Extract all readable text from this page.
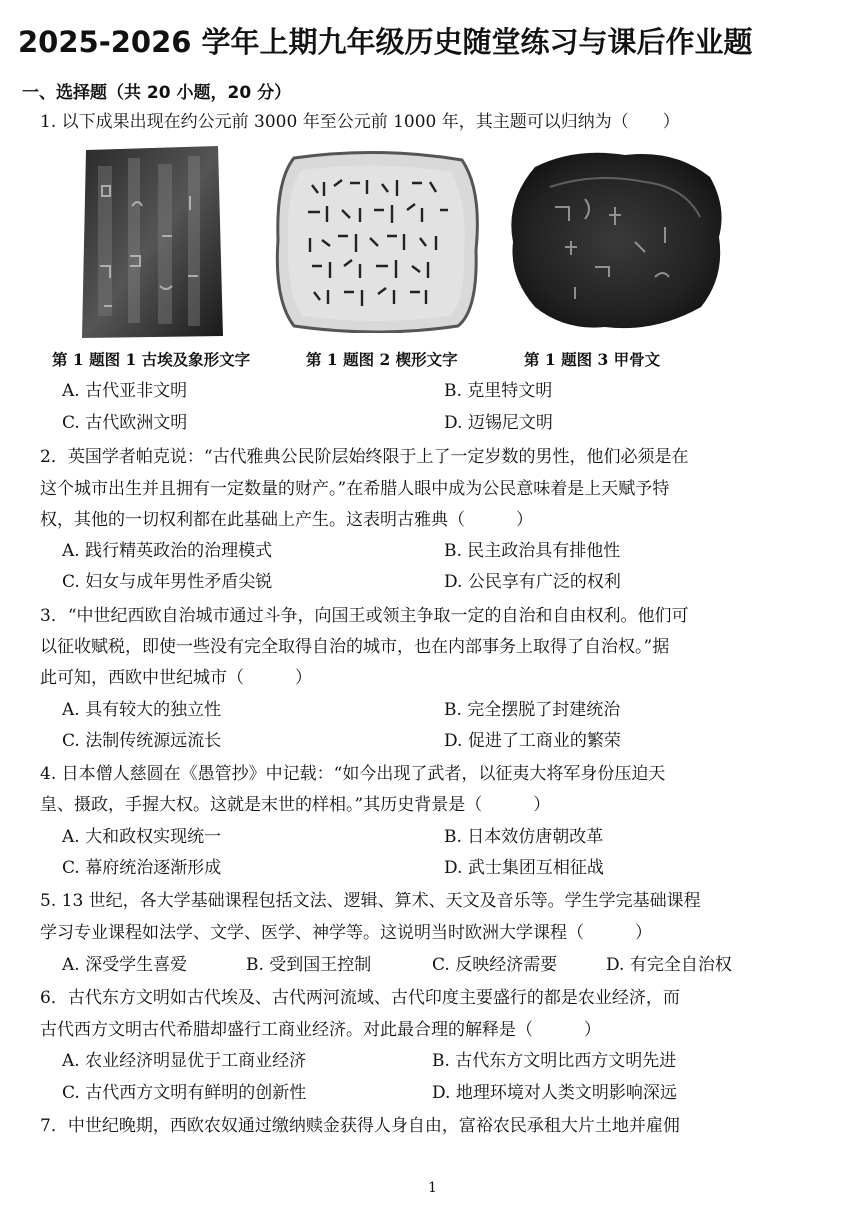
2025-2026 学年上期九年级历史随堂练习与课后作业题
一、选择题（共 20 小题，20 分）
1. 以下成果出现在约公元前 3000 年至公元前 1000 年，其主题可以归纳为（　　）
第 1 题图 1 古埃及象形文字	第 1 题图 2 楔形文字	第 1 题图 3 甲骨文
A. 古代亚非文明	B. 克里特文明
C. 古代欧洲文明	D. 迈锡尼文明
2．英国学者帕克说：“古代雅典公民阶层始终限于上了一定岁数的男性，他们必须是在
这个城市出生并且拥有一定数量的财产。”在希腊人眼中成为公民意味着是上天赋予特
权，其他的一切权利都在此基础上产生。这表明古雅典（　　　）
A. 践行精英政治的治理模式	B. 民主政治具有排他性
C. 妇女与成年男性矛盾尖锐	D. 公民享有广泛的权利
3．“中世纪西欧自治城市通过斗争，向国王或领主争取一定的自治和自由权利。他们可
以征收赋税，即使一些没有完全取得自治的城市，也在内部事务上取得了自治权。”据
此可知，西欧中世纪城市（　　　）
A. 具有较大的独立性	B. 完全摆脱了封建统治
C. 法制传统源远流长	D. 促进了工商业的繁荣
4. 日本僧人慈圆在《愚管抄》中记载：“如今出现了武者，以征夷大将军身份压迫天
皇、摄政，手握大权。这就是末世的样相。”其历史背景是（　　　）
A. 大和政权实现统一	B. 日本效仿唐朝改革
C. 幕府统治逐渐形成	D. 武士集团互相征战
5. 13 世纪，各大学基础课程包括文法、逻辑、算术、天文及音乐等。学生学完基础课程
学习专业课程如法学、文学、医学、神学等。这说明当时欧洲大学课程（　　　）
A. 深受学生喜爱	B. 受到国王控制	C. 反映经济需要	D. 有完全自治权
6．古代东方文明如古代埃及、古代两河流域、古代印度主要盛行的都是农业经济，而
古代西方文明古代希腊却盛行工商业经济。对此最合理的解释是（　　　）
A. 农业经济明显优于工商业经济	B. 古代东方文明比西方文明先进
C. 古代西方文明有鲜明的创新性	D. 地理环境对人类文明影响深远
7．中世纪晚期，西欧农奴通过缴纳赎金获得人身自由，富裕农民承租大片土地并雇佣
1
